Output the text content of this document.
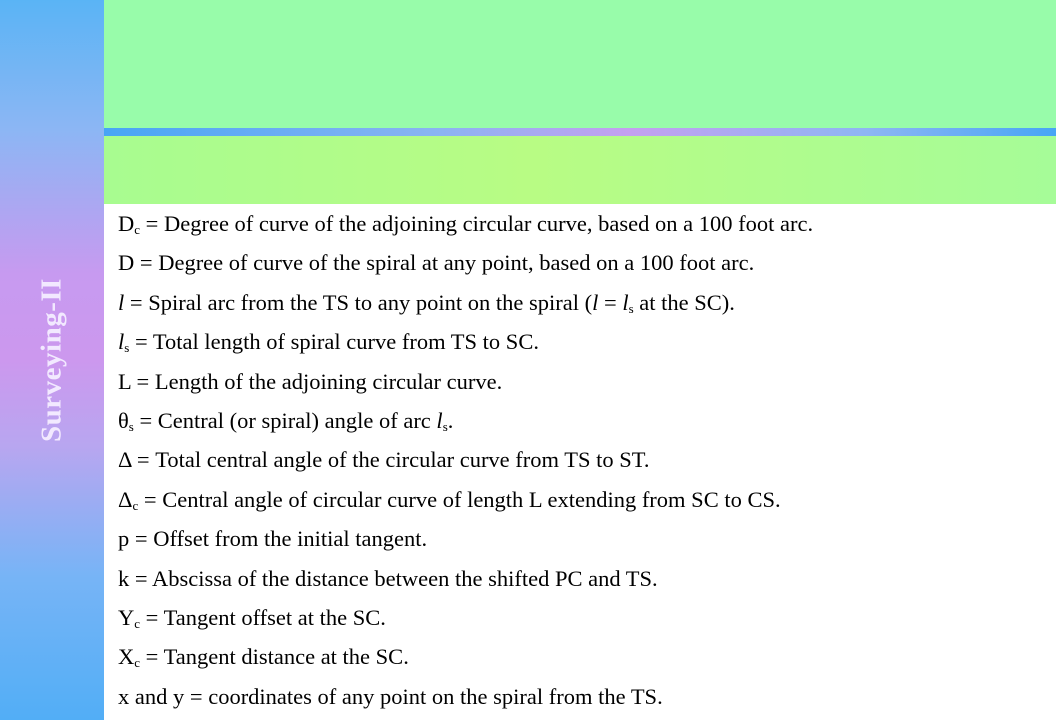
Surveying-II
$D_c$ = Degree of curve of the adjoining circular curve, based on a 100 foot arc.
D = Degree of curve of the spiral at any point, based on a 100 foot arc.
l = Spiral arc from the TS to any point on the spiral ($l = l_s$ at the SC).
$l_s$ = Total length of spiral curve from TS to SC.
L = Length of the adjoining circular curve.
$\theta_s$ = Central (or spiral) angle of arc $l_s$.
Δ = Total central angle of the circular curve from TS to ST.
$\Delta_c$ = Central angle of circular curve of length L extending from SC to CS.
p = Offset from the initial tangent.
k = Abscissa of the distance between the shifted PC and TS.
$Y_c$ = Tangent offset at the SC.
$X_c$ = Tangent distance at the SC.
x and y = coordinates of any point on the spiral from the TS.
